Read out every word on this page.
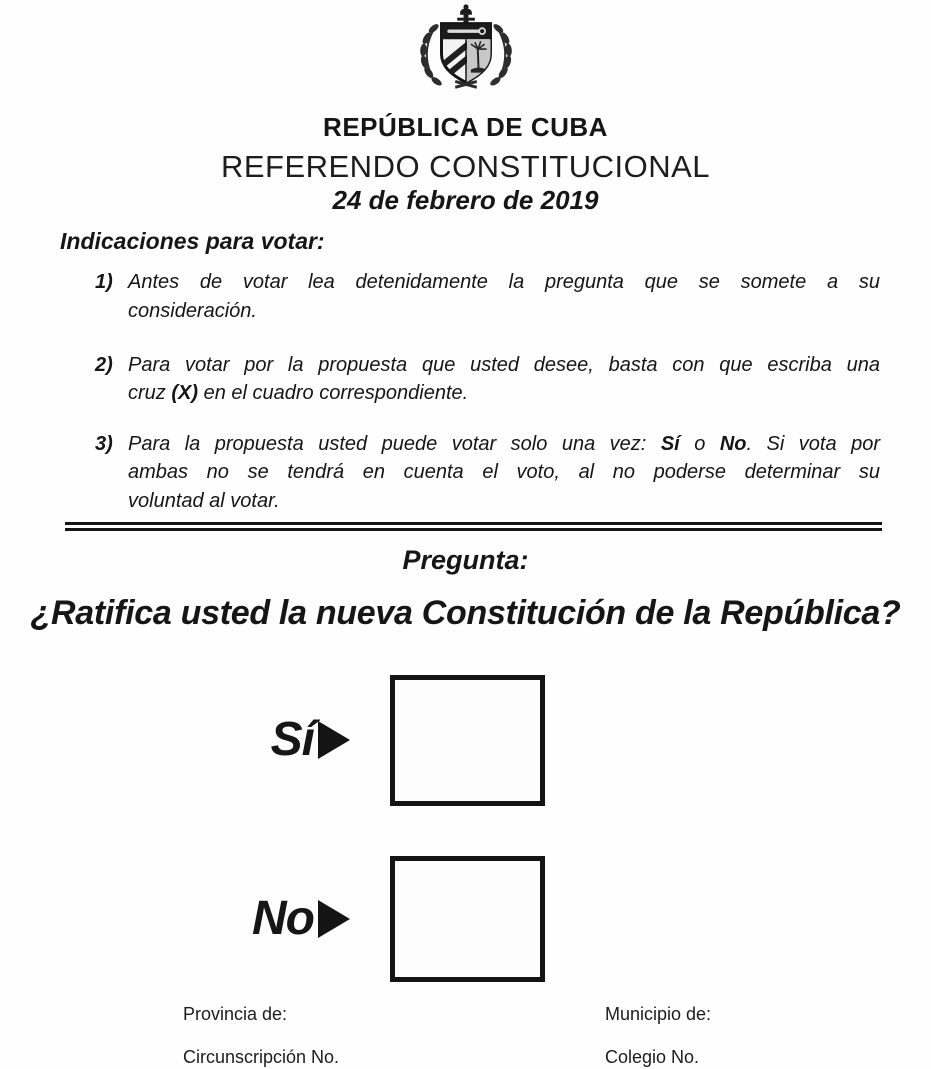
REPÚBLICA DE CUBA
REFERENDO CONSTITUCIONAL
24 de febrero de 2019
Indicaciones para votar:
1) Antes de votar lea detenidamente la pregunta que se somete a su
consideración.
2) Para votar por la propuesta que usted desee, basta con que escriba una
cruz (X) en el cuadro correspondiente.
3) Para la propuesta usted puede votar solo una vez: Sí o No. Si vota por
ambas no se tendrá en cuenta el voto, al no poderse determinar su
voluntad al votar.
Pregunta:
¿Ratifica usted la nueva Constitución de la República?
Sí
No
Provincia de:	Municipio de:
Circunscripción No.	Colegio No.
